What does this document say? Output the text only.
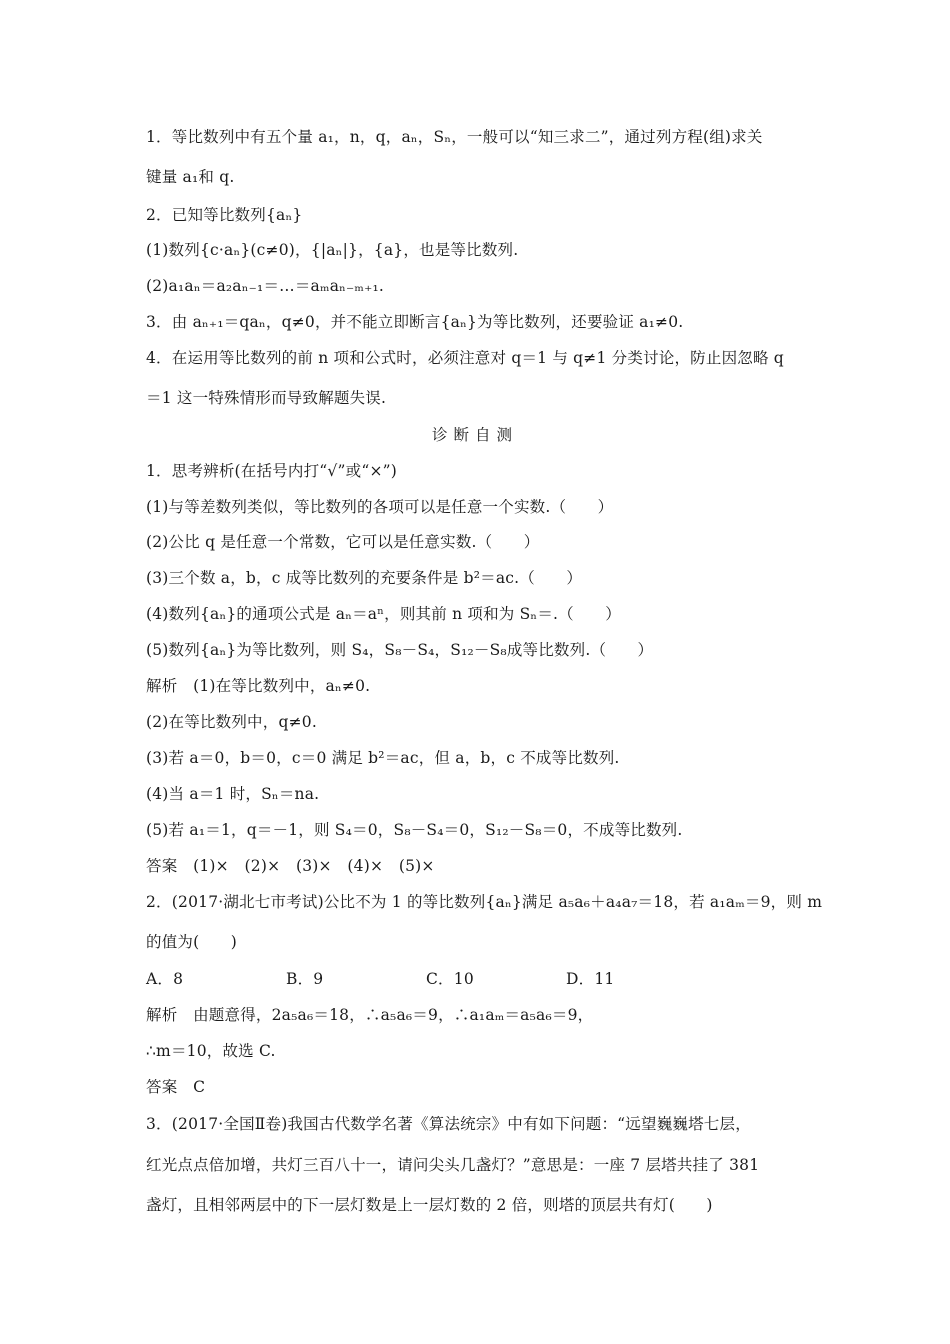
1．等比数列中有五个量 a₁，n，q，aₙ，Sₙ，一般可以“知三求二”，通过列方程(组)求关
键量 a₁和 q.
2．已知等比数列{aₙ}
(1)数列{c·aₙ}(c≠0)，{|aₙ|}，{a}，也是等比数列.
(2)a₁aₙ＝a₂aₙ₋₁＝…＝aₘaₙ₋ₘ₊₁.
3．由 aₙ₊₁＝qaₙ，q≠0，并不能立即断言{aₙ}为等比数列，还要验证 a₁≠0.
4．在运用等比数列的前 n 项和公式时，必须注意对 q＝1 与 q≠1 分类讨论，防止因忽略 q
＝1 这一特殊情形而导致解题失误.
诊断自测
1．思考辨析(在括号内打“√”或“×”)
(1)与等差数列类似，等比数列的各项可以是任意一个实数.（　　）
(2)公比 q 是任意一个常数，它可以是任意实数.（　　）
(3)三个数 a，b，c 成等比数列的充要条件是 b²＝ac.（　　）
(4)数列{aₙ}的通项公式是 aₙ＝aⁿ，则其前 n 项和为 Sₙ＝.（　　）
(5)数列{aₙ}为等比数列，则 S₄，S₈－S₄，S₁₂－S₈成等比数列.（　　）
解析　(1)在等比数列中，aₙ≠0.
(2)在等比数列中，q≠0.
(3)若 a＝0，b＝0，c＝0 满足 b²＝ac，但 a，b，c 不成等比数列.
(4)当 a＝1 时，Sₙ＝na.
(5)若 a₁＝1，q＝－1，则 S₄＝0，S₈－S₄＝0，S₁₂－S₈＝0，不成等比数列.
答案　(1)×　(2)×　(3)×　(4)×　(5)×
2．(2017·湖北七市考试)公比不为 1 的等比数列{aₙ}满足 a₅a₆＋a₄a₇＝18，若 a₁aₘ＝9，则 m
的值为(　　)
A．8	B．9	C．10	D．11
解析　由题意得，2a₅a₆＝18，∴a₅a₆＝9，∴a₁aₘ＝a₅a₆＝9，
∴m＝10，故选 C.
答案　C
3．(2017·全国Ⅱ卷)我国古代数学名著《算法统宗》中有如下问题：“远望巍巍塔七层，
红光点点倍加增，共灯三百八十一，请问尖头几盏灯？”意思是：一座 7 层塔共挂了 381
盏灯，且相邻两层中的下一层灯数是上一层灯数的 2 倍，则塔的顶层共有灯(　　)
